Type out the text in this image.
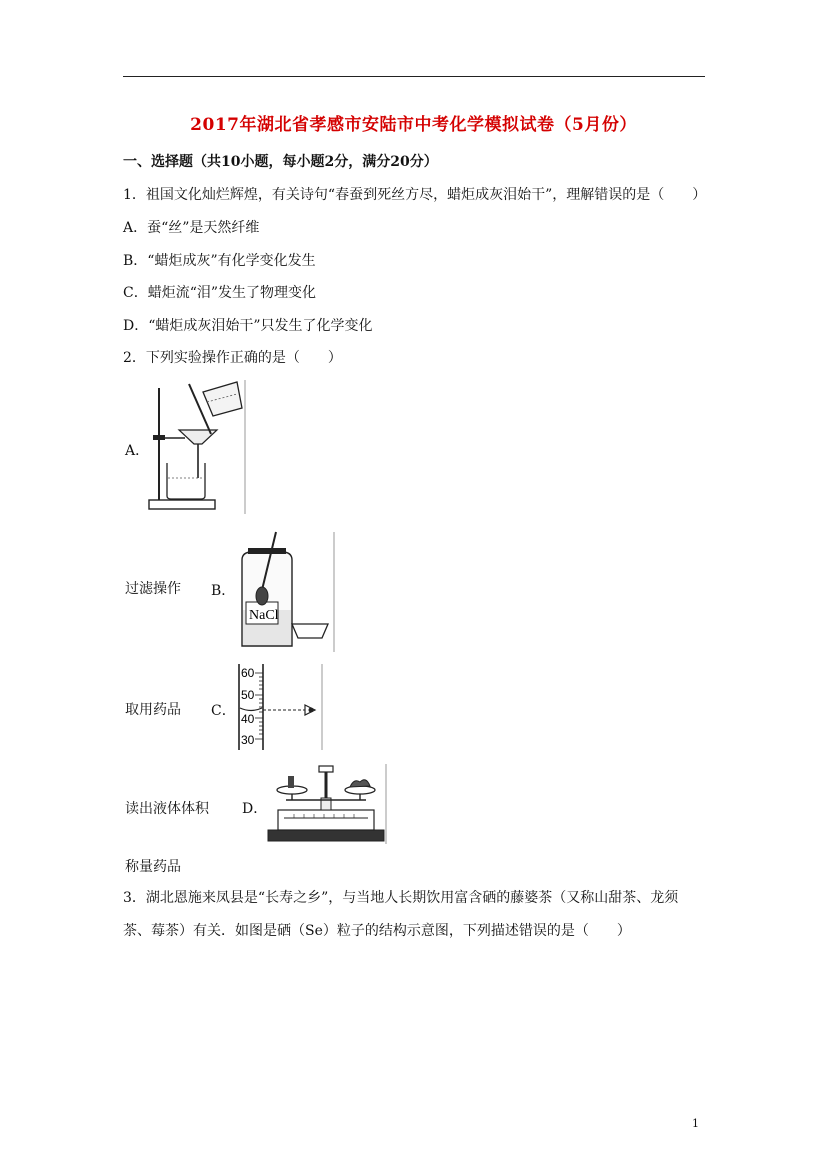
2017年湖北省孝感市安陆市中考化学模拟试卷（5月份）
一、选择题（共10小题，每小题2分，满分20分）
1．祖国文化灿烂辉煌，有关诗句“春蚕到死丝方尽，蜡炬成灰泪始干”，理解错误的是（　　）
A．蚕“丝”是天然纤维
B．“蜡炬成灰”有化学变化发生
C．蜡炬流“泪”发生了物理变化
D．“蜡炬成灰泪始干”只发生了化学变化
2．下列实验操作正确的是（　　）
A．
过滤操作 B．
NaCl
取用药品 C．
60
50
40
30
读出液体体积 D．
称量药品
3．湖北恩施来凤县是“长寿之乡”，与当地人长期饮用富含硒的藤婆茶（又称山甜茶、龙须
茶、莓茶）有关．如图是硒（Se）粒子的结构示意图，下列描述错误的是（　　）
1
